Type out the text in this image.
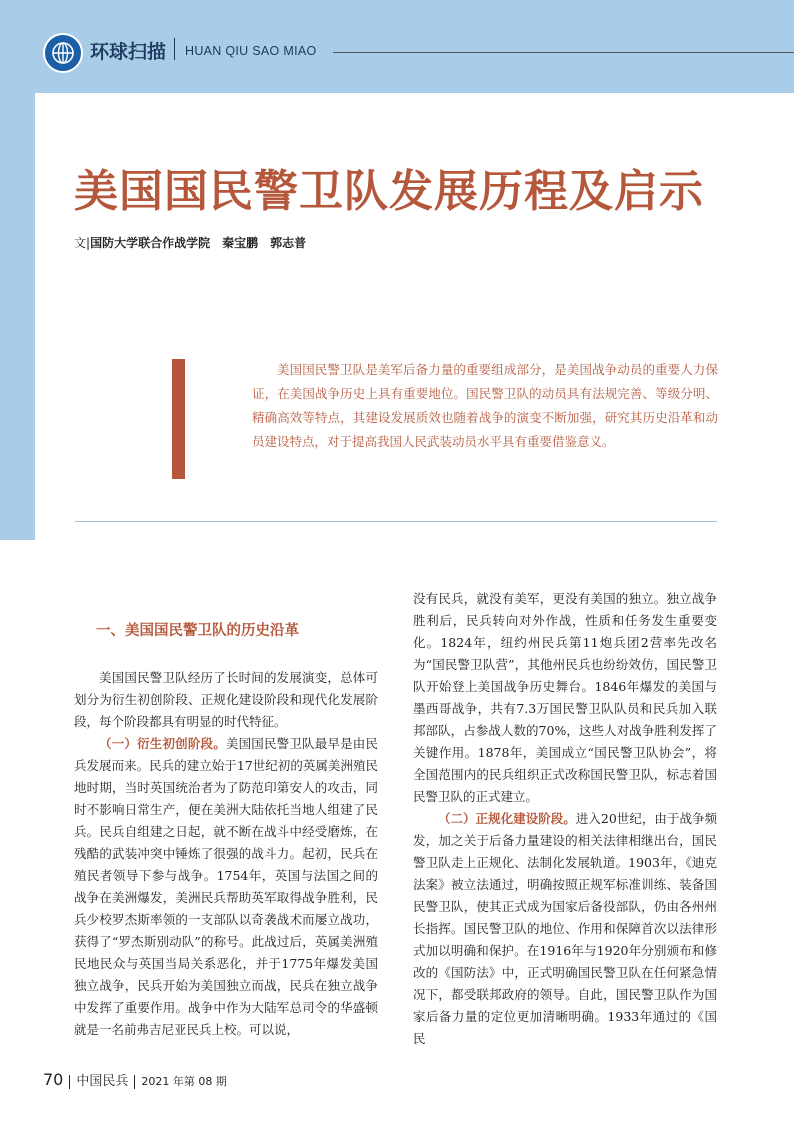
环球扫描 HUAN QIU SAO MIAO
美国国民警卫队发展历程及启示
文|国防大学联合作战学院 秦宝鹏 郭志普
美国国民警卫队是美军后备力量的重要组成部分，是美国战争动员的重要人力保证，在美国战争历史上具有重要地位。国民警卫队的动员具有法规完善、等级分明、精确高效等特点，其建设发展质效也随着战争的演变不断加强，研究其历史沿革和动员建设特点，对于提高我国人民武装动员水平具有重要借鉴意义。
一、美国国民警卫队的历史沿革

美国国民警卫队经历了长时间的发展演变，总体可划分为衍生初创阶段、正规化建设阶段和现代化发展阶段，每个阶段都具有明显的时代特征。

（一）衍生初创阶段。美国国民警卫队最早是由民兵发展而来。民兵的建立始于17世纪初的英属美洲殖民地时期，当时英国统治者为了防范印第安人的攻击，同时不影响日常生产，便在美洲大陆依托当地人组建了民兵。民兵自组建之日起，就不断在战斗中经受磨炼，在残酷的武装冲突中锤炼了很强的战斗力。起初，民兵在殖民者领导下参与战争。1754年，英国与法国之间的战争在美洲爆发，美洲民兵帮助英军取得战争胜利，民兵少校罗杰斯率领的一支部队以奇袭战术而屡立战功，获得了“罗杰斯别动队”的称号。此战过后，英属美洲殖民地民众与英国当局关系恶化，并于1775年爆发美国独立战争，民兵开始为美国独立而战，民兵在独立战争中发挥了重要作用。战争中作为大陆军总司令的华盛顿就是一名前弗吉尼亚民兵上校。可以说，

没有民兵，就没有美军，更没有美国的独立。独立战争胜利后，民兵转向对外作战，性质和任务发生重要变化。1824年，纽约州民兵第11炮兵团2营率先改名为“国民警卫队营”，其他州民兵也纷纷效仿，国民警卫队开始登上美国战争历史舞台。1846年爆发的美国与墨西哥战争，共有7.3万国民警卫队队员和民兵加入联邦部队，占参战人数的70%，这些人对战争胜利发挥了关键作用。1878年，美国成立“国民警卫队协会”，将全国范围内的民兵组织正式改称国民警卫队，标志着国民警卫队的正式建立。

（二）正规化建设阶段。进入20世纪，由于战争频发，加之关于后备力量建设的相关法律相继出台，国民警卫队走上正规化、法制化发展轨道。1903年，《迪克法案》被立法通过，明确按照正规军标准训练、装备国民警卫队，使其正式成为国家后备役部队，仍由各州州长指挥。国民警卫队的地位、作用和保障首次以法律形式加以明确和保护。在1916年与1920年分别颁布和修改的《国防法》中，正式明确国民警卫队在任何紧急情况下，都受联邦政府的领导。自此，国民警卫队作为国家后备力量的定位更加清晰明确。1933年通过的《国民

70 中国民兵 2021 年第 08 期
